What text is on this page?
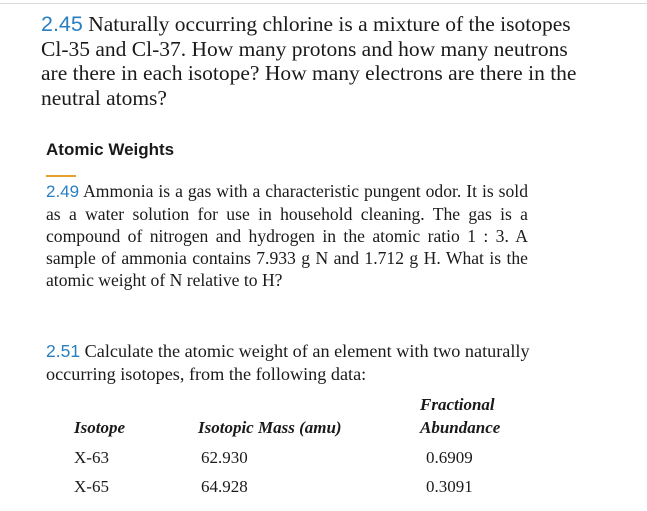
2.45 Naturally occurring chlorine is a mixture of the isotopes Cl-35 and Cl-37. How many protons and how many neutrons are there in each isotope? How many electrons are there in the neutral atoms?

Atomic Weights

2.49 Ammonia is a gas with a characteristic pungent odor. It is sold as a water solution for use in household cleaning. The gas is a compound of nitrogen and hydrogen in the atomic ratio 1 : 3. A sample of ammonia contains 7.933 g N and 1.712 g H. What is the atomic weight of N relative to H?

2.51 Calculate the atomic weight of an element with two naturally occurring isotopes, from the following data:

Fractional
Isotope	Isotopic Mass (amu)	Abundance
X-63	62.930	0.6909
X-65	64.928	0.3091
